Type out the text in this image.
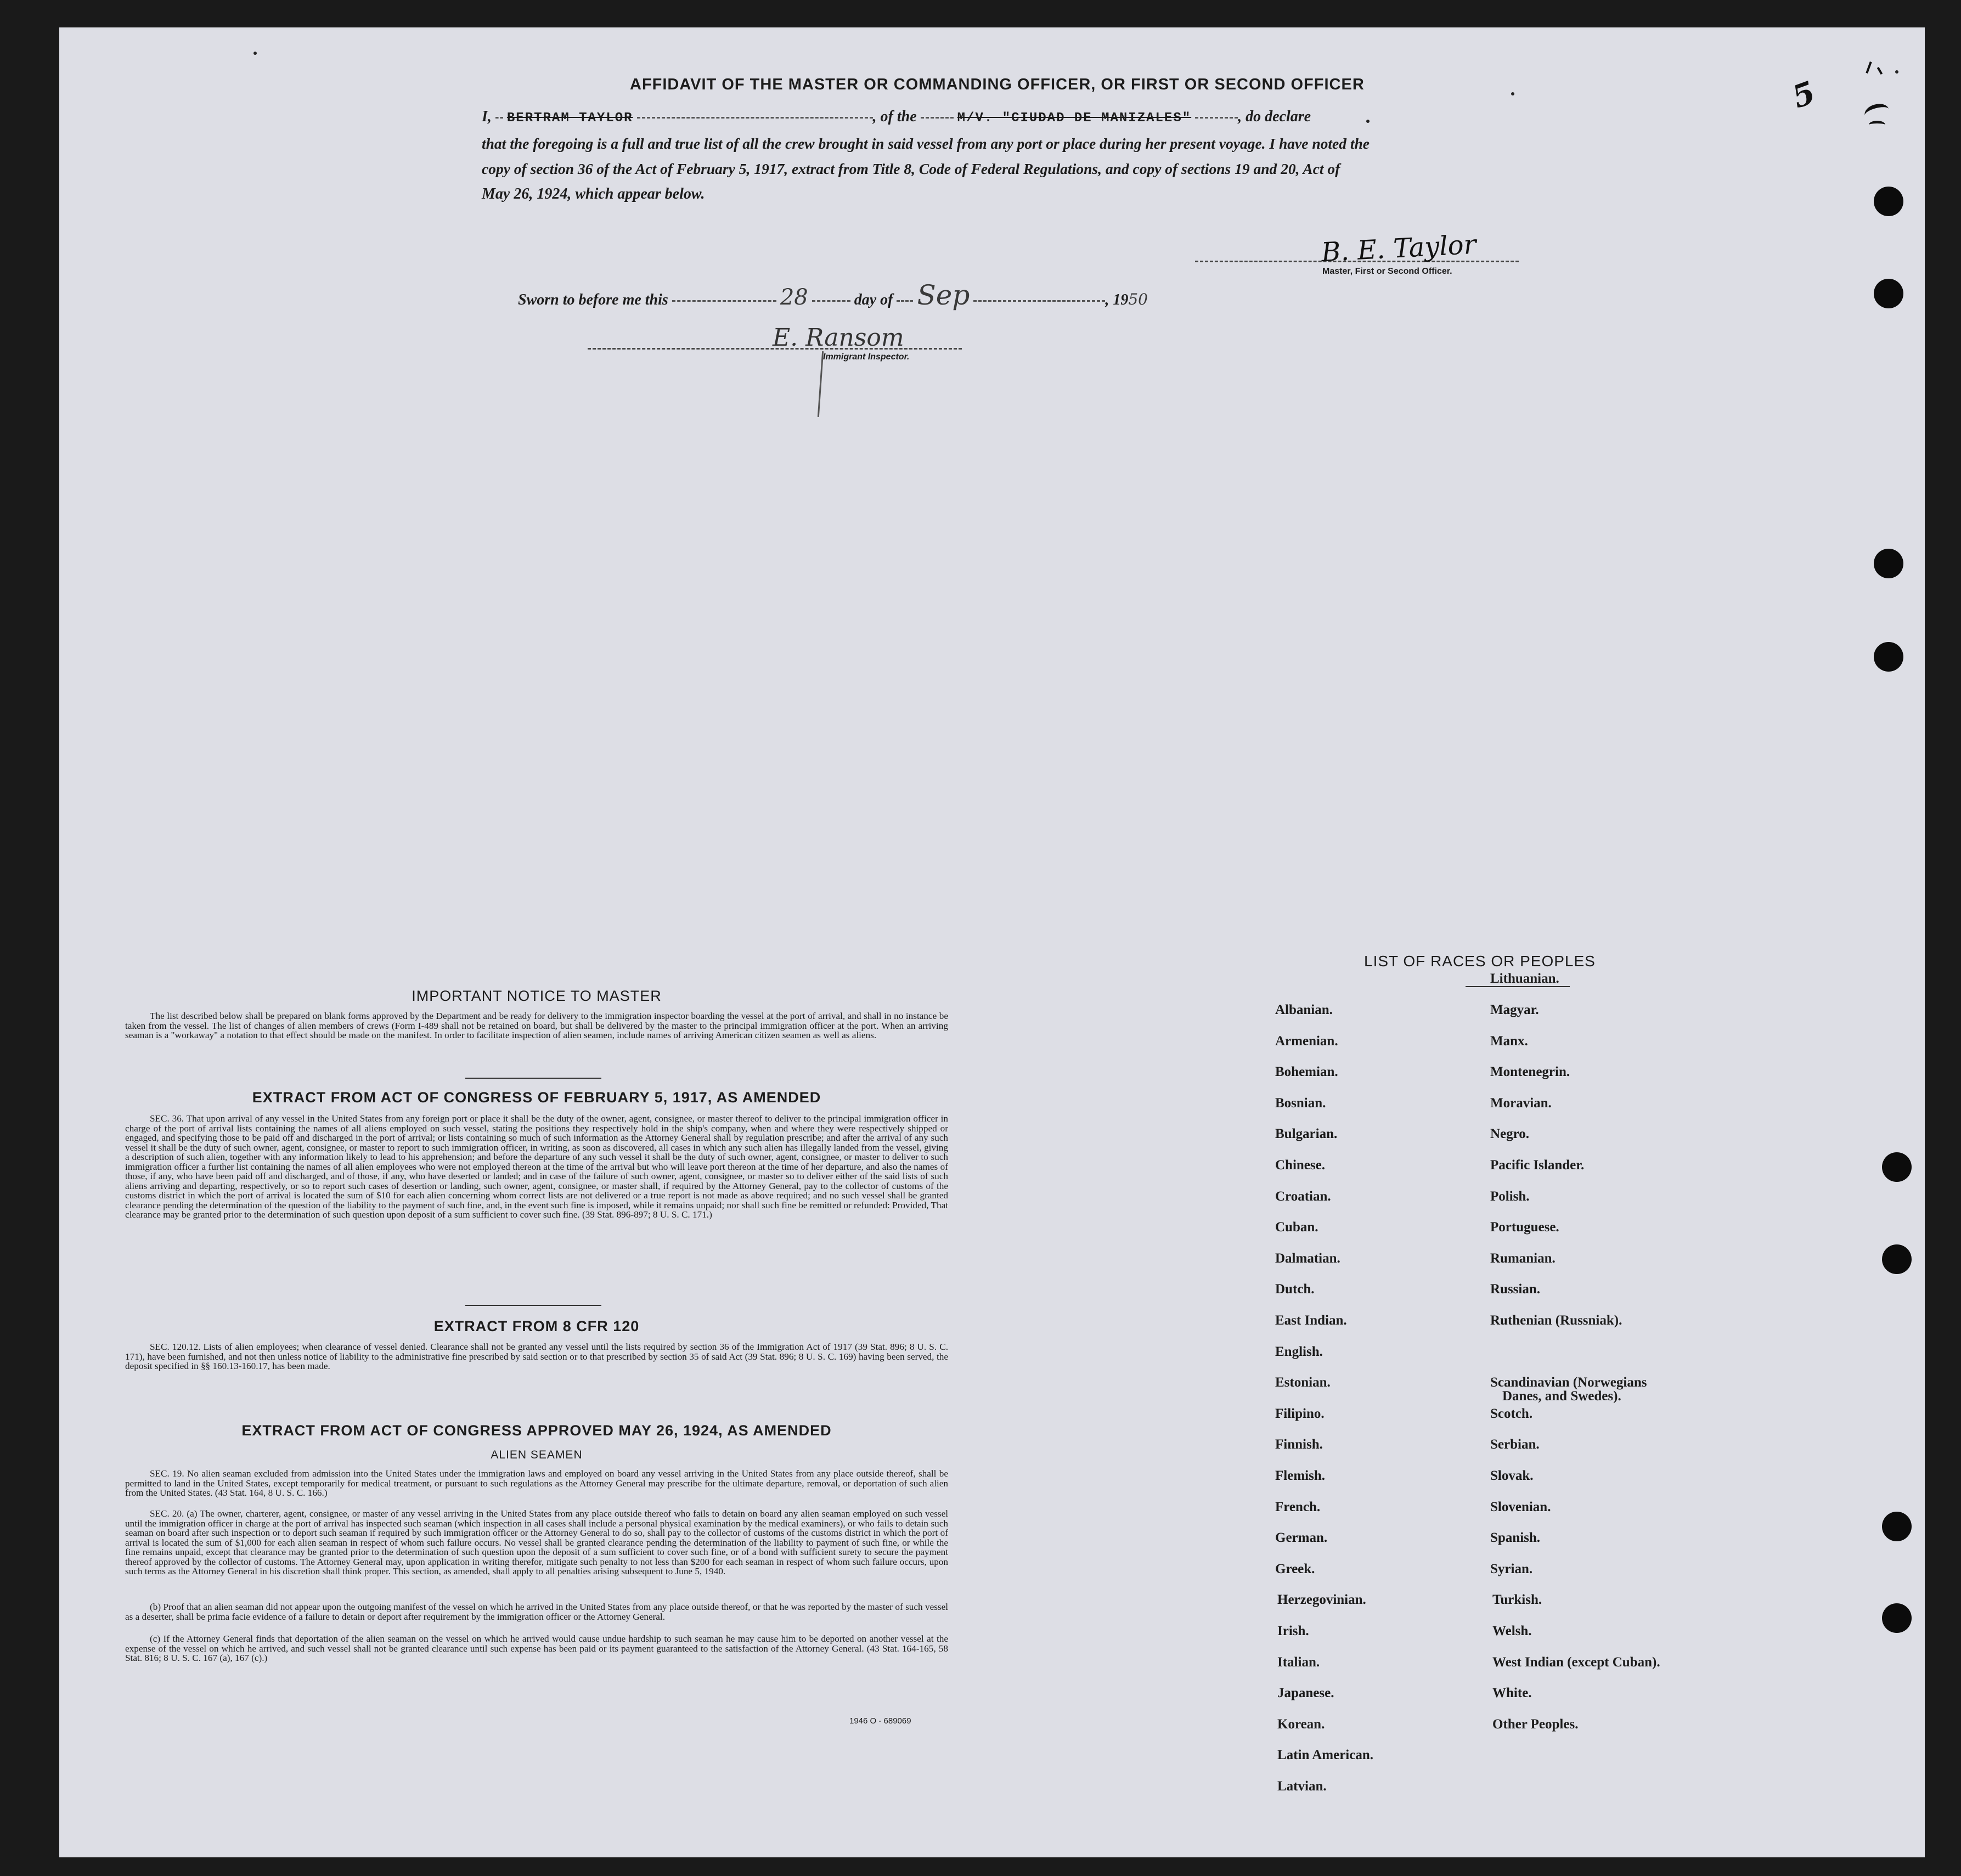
5
AFFIDAVIT OF THE MASTER OR COMMANDING OFFICER, OR FIRST OR SECOND OFFICER
I, BERTRAM TAYLOR	, of the	M/V. "CIUDAD DE MANIZALES"	, do declare
that the foregoing is a full and true list of all the crew brought in said vessel from any port or place during her present voyage. I have noted the
copy of section 36 of the Act of February 5, 1917, extract from Title 8, Code of Federal Regulations, and copy of sections 19 and 20, Act of
May 26, 1924, which appear below.
B. E. Taylor
Master, First or Second Officer.
Sworn to before me this	28	day of Sep	, 1950
E. Ransom
Immigrant Inspector.
IMPORTANT NOTICE TO MASTER
The list described below shall be prepared on blank forms approved by the Department and be ready for delivery to the immigration inspector boarding the vessel at the port of arrival, and shall in no instance be taken from the vessel. The list of changes of alien members of crews (Form I-489 shall not be retained on board, but shall be delivered by the master to the principal immigration officer at the port. When an arriving seaman is a "workaway" a notation to that effect should be made on the manifest. In order to facilitate inspection of alien seamen, include names of arriving American citizen seamen as well as aliens.
EXTRACT FROM ACT OF CONGRESS OF FEBRUARY 5, 1917, AS AMENDED
SEC. 36. That upon arrival of any vessel in the United States from any foreign port or place it shall be the duty of the owner, agent, consignee, or master thereof to deliver to the principal immigration officer in charge of the port of arrival lists containing the names of all aliens employed on such vessel, stating the positions they respectively hold in the ship's company, when and where they were respectively shipped or engaged, and specifying those to be paid off and discharged in the port of arrival; or lists containing so much of such information as the Attorney General shall by regulation prescribe; and after the arrival of any such vessel it shall be the duty of such owner, agent, consignee, or master to report to such immigration officer, in writing, as soon as discovered, all cases in which any such alien has illegally landed from the vessel, giving a description of such alien, together with any information likely to lead to his apprehension; and before the departure of any such vessel it shall be the duty of such owner, agent, consignee, or master to deliver to such immigration officer a further list containing the names of all alien employees who were not employed thereon at the time of the arrival but who will leave port thereon at the time of her departure, and also the names of those, if any, who have been paid off and discharged, and of those, if any, who have deserted or landed; and in case of the failure of such owner, agent, consignee, or master so to deliver either of the said lists of such aliens arriving and departing, respectively, or so to report such cases of desertion or landing, such owner, agent, consignee, or master shall, if required by the Attorney General, pay to the collector of customs of the customs district in which the port of arrival is located the sum of $10 for each alien concerning whom correct lists are not delivered or a true report is not made as above required; and no such vessel shall be granted clearance pending the determination of the question of the liability to the payment of such fine, and, in the event such fine is imposed, while it remains unpaid; nor shall such fine be remitted or refunded: Provided, That clearance may be granted prior to the determination of such question upon deposit of a sum sufficient to cover such fine. (39 Stat. 896-897; 8 U. S. C. 171.)
EXTRACT FROM 8 CFR 120
SEC. 120.12. Lists of alien employees; when clearance of vessel denied. Clearance shall not be granted any vessel until the lists required by section 36 of the Immigration Act of 1917 (39 Stat. 896; 8 U. S. C. 171), have been furnished, and not then unless notice of liability to the administrative fine prescribed by said section or to that prescribed by section 35 of said Act (39 Stat. 896; 8 U. S. C. 169) having been served, the deposit specified in §§ 160.13-160.17, has been made.
EXTRACT FROM ACT OF CONGRESS APPROVED MAY 26, 1924, AS AMENDED
ALIEN SEAMEN
SEC. 19. No alien seaman excluded from admission into the United States under the immigration laws and employed on board any vessel arriving in the United States from any place outside thereof, shall be permitted to land in the United States, except temporarily for medical treatment, or pursuant to such regulations as the Attorney General may prescribe for the ultimate departure, removal, or deportation of such alien from the United States. (43 Stat. 164, 8 U. S. C. 166.)
SEC. 20. (a) The owner, charterer, agent, consignee, or master of any vessel arriving in the United States from any place outside thereof who fails to detain on board any alien seaman employed on such vessel until the immigration officer in charge at the port of arrival has inspected such seaman (which inspection in all cases shall include a personal physical examination by the medical examiners), or who fails to detain such seaman on board after such inspection or to deport such seaman if required by such immigration officer or the Attorney General to do so, shall pay to the collector of customs of the customs district in which the port of arrival is located the sum of $1,000 for each alien seaman in respect of whom such failure occurs. No vessel shall be granted clearance pending the determination of the liability to payment of such fine, or while the fine remains unpaid, except that clearance may be granted prior to the determination of such question upon the deposit of a sum sufficient to cover such fine, or of a bond with sufficient surety to secure the payment thereof approved by the collector of customs. The Attorney General may, upon application in writing therefor, mitigate such penalty to not less than $200 for each seaman in respect of whom such failure occurs, upon such terms as the Attorney General in his discretion shall think proper. This section, as amended, shall apply to all penalties arising subsequent to June 5, 1940.
(b) Proof that an alien seaman did not appear upon the outgoing manifest of the vessel on which he arrived in the United States from any place outside thereof, or that he was reported by the master of such vessel as a deserter, shall be prima facie evidence of a failure to detain or deport after requirement by the immigration officer or the Attorney General.
(c) If the Attorney General finds that deportation of the alien seaman on the vessel on which he arrived would cause undue hardship to such seaman he may cause him to be deported on another vessel at the expense of the vessel on which he arrived, and such vessel shall not be granted clearance until such expense has been paid or its payment guaranteed to the satisfaction of the Attorney General. (43 Stat. 164-165, 58 Stat. 816; 8 U. S. C. 167 (a), 167 (c).)
1946 O - 689069
LIST OF RACES OR PEOPLES
Albanian.
Armenian.
Bohemian.
Bosnian.
Bulgarian.
Chinese.
Croatian.
Cuban.
Dalmatian.
Dutch.
East Indian.
English.
Estonian.
Filipino.
Finnish.
Flemish.
French.
German.
Greek.
Herzegovinian.
Irish.
Italian.
Japanese.
Korean.
Latin American.
Latvian.
Lithuanian.
Magyar.
Manx.
Montenegrin.
Moravian.
Negro.
Pacific Islander.
Polish.
Portuguese.
Rumanian.
Russian.
Ruthenian (Russniak).
Scandinavian (Norwegians
Danes, and Swedes).
Scotch.
Serbian.
Slovak.
Slovenian.
Spanish.
Syrian.
Turkish.
Welsh.
West Indian (except Cuban).
White.
Other Peoples.
